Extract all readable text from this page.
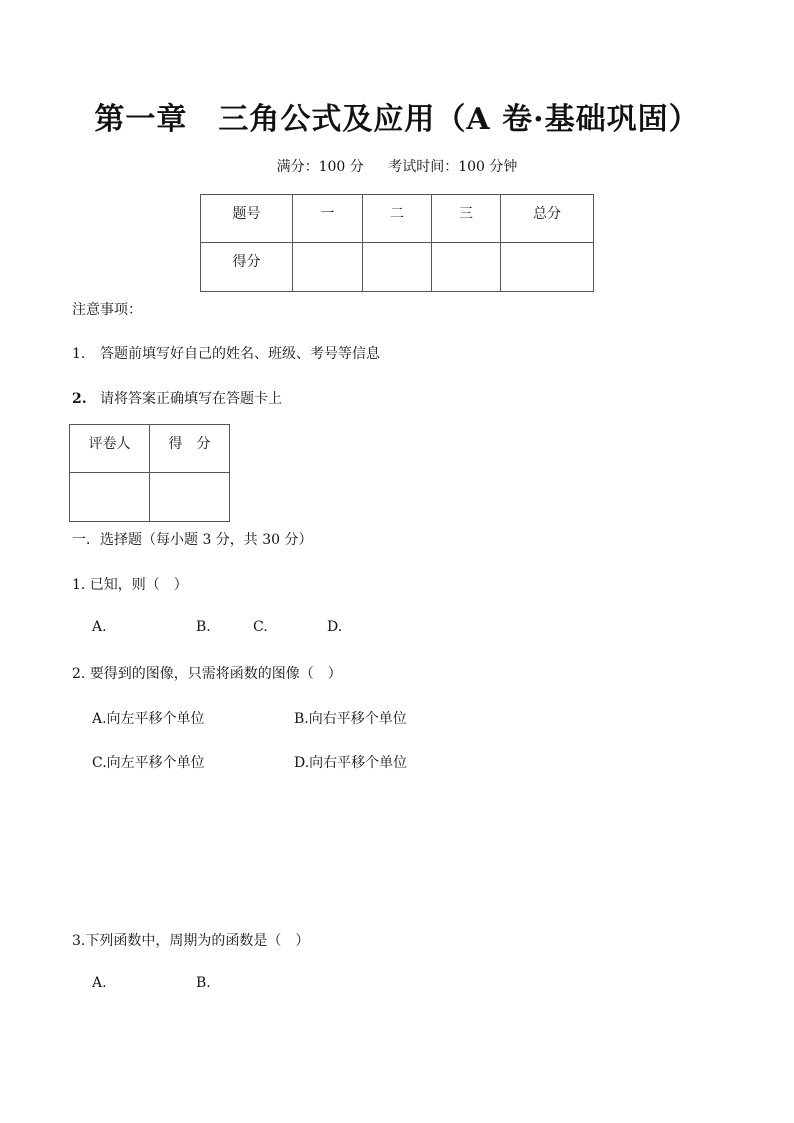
第一章　三角公式及应用（A 卷·基础巩固）
满分：100 分 考试时间：100 分钟
题号	一	二	三	总分
得分				
注意事项：
1. 答题前填写好自己的姓名、班级、考号等信息
2. 请将答案正确填写在答题卡上
评卷人	得　分

一．选择题（每小题 3 分，共 30 分）
1. 已知，则（　）
A.	B.	C.	D.
2. 要得到的图像，只需将函数的图像（　）
A.向左平移个单位	B.向右平移个单位
C.向左平移个单位	D.向右平移个单位
3.下列函数中，周期为的函数是（　）
A.	B.
